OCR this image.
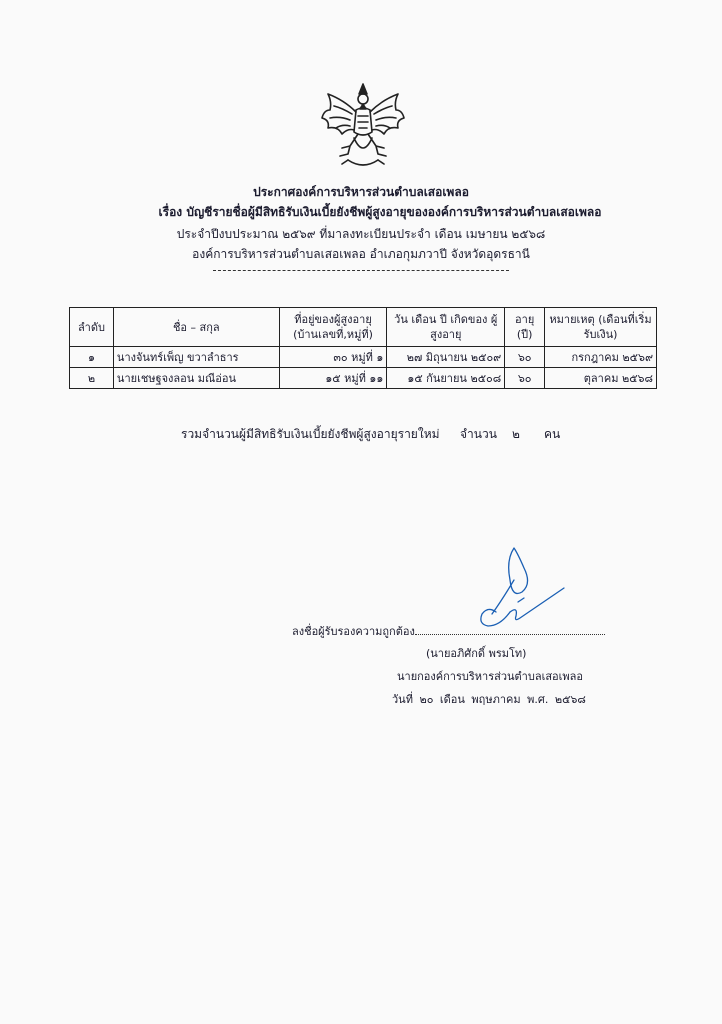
ประกาศองค์การบริหารส่วนตำบลเสอเพลอ
เรื่อง บัญชีรายชื่อผู้มีสิทธิรับเงินเบี้ยยังชีพผู้สูงอายุขององค์การบริหารส่วนตำบลเสอเพลอ
ประจำปีงบประมาณ ๒๕๖๙ ที่มาลงทะเบียนประจำ เดือน เมษายน ๒๕๖๘
องค์การบริหารส่วนตำบลเสอเพลอ อำเภอกุมภวาปี จังหวัดอุดรธานี
ลำดับ	ชื่อ – สกุล	ที่อยู่ของผู้สูงอายุ (บ้านเลขที่,หมู่ที่)	วัน เดือน ปี เกิดของ ผู้สูงอายุ	อายุ (ปี)	หมายเหตุ (เดือนที่เริ่มรับเงิน)
๑	นางจันทร์เพ็ญ ขวาลำธาร	๓๐ หมู่ที่ ๑	๒๗ มิถุนายน ๒๕๐๙	๖๐	กรกฎาคม ๒๕๖๙
๒	นายเชษฐจงลอน มณีอ่อน	๑๕ หมู่ที่ ๑๑	๑๕ กันยายน ๒๕๐๘	๖๐	ตุลาคม ๒๕๖๘
รวมจำนวนผู้มีสิทธิรับเงินเบี้ยยังชีพผู้สูงอายุรายใหม่ จำนวน ๒ คน
ลงชื่อผู้รับรองความถูกต้อง
(นายอภิศักดิ์ พรมโท)
นายกองค์การบริหารส่วนตำบลเสอเพลอ
วันที่ ๒๐ เดือน พฤษภาคม พ.ศ. ๒๕๖๘
